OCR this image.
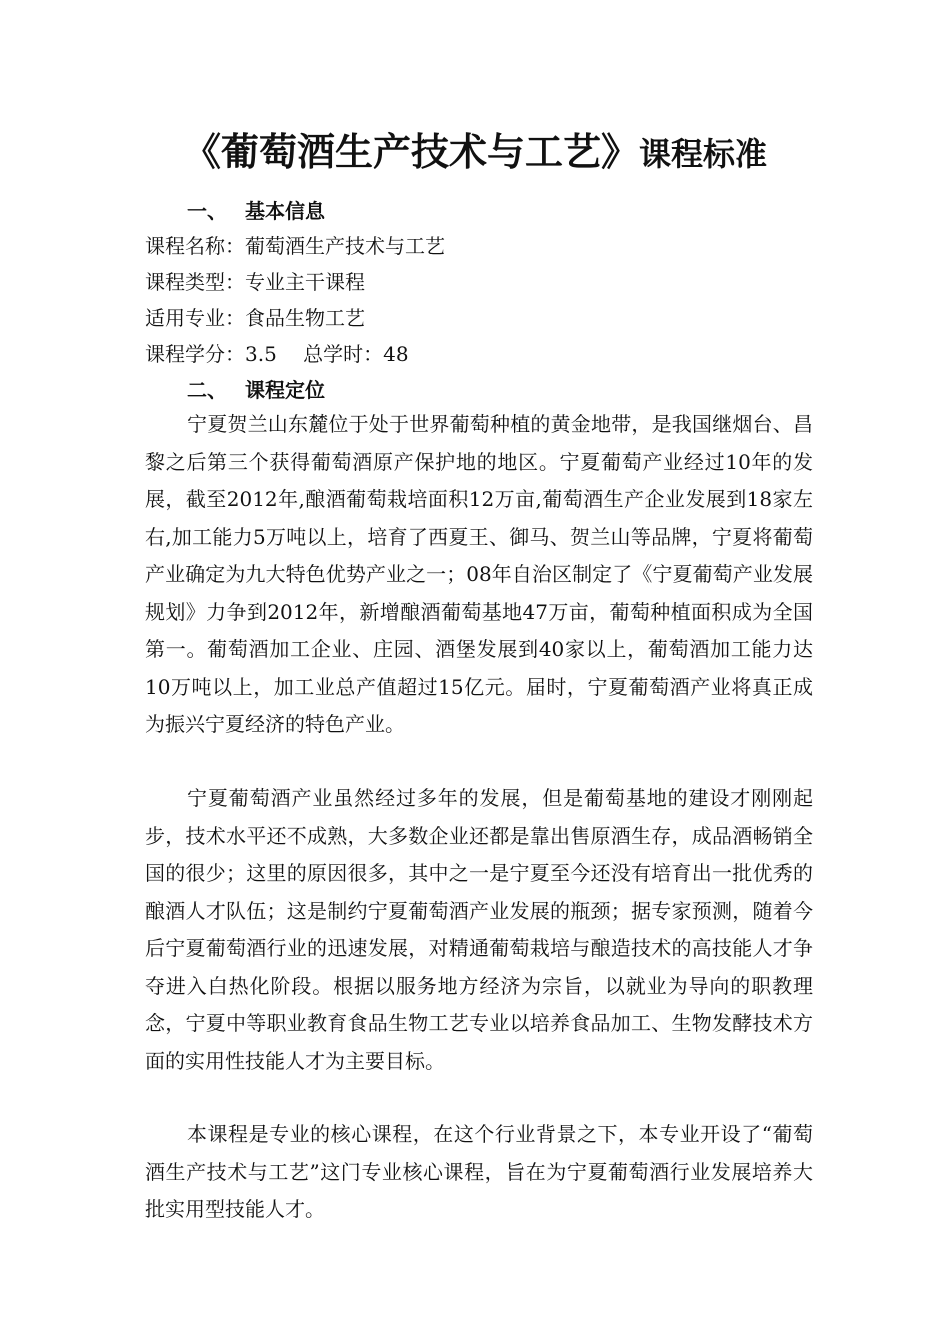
《葡萄酒生产技术与工艺》课程标准
一、 基本信息
课程名称：葡萄酒生产技术与工艺
课程类型：专业主干课程
适用专业：食品生物工艺
课程学分：3.5　 总学时：48
二、 课程定位

宁夏贺兰山东麓位于处于世界葡萄种植的黄金地带，是我国继烟台、昌黎之后第三个获得葡萄酒原产保护地的地区。宁夏葡萄产业经过10年的发展，截至2012年,酿酒葡萄栽培面积12万亩,葡萄酒生产企业发展到18家左右,加工能力5万吨以上，培育了西夏王、御马、贺兰山等品牌，宁夏将葡萄产业确定为九大特色优势产业之一；08年自治区制定了《宁夏葡萄产业发展规划》力争到2012年，新增酿酒葡萄基地47万亩，葡萄种植面积成为全国第一。葡萄酒加工企业、庄园、酒堡发展到40家以上，葡萄酒加工能力达10万吨以上，加工业总产值超过15亿元。届时，宁夏葡萄酒产业将真正成为振兴宁夏经济的特色产业。

宁夏葡萄酒产业虽然经过多年的发展，但是葡萄基地的建设才刚刚起步，技术水平还不成熟，大多数企业还都是靠出售原酒生存，成品酒畅销全国的很少；这里的原因很多，其中之一是宁夏至今还没有培育出一批优秀的酿酒人才队伍；这是制约宁夏葡萄酒产业发展的瓶颈；据专家预测，随着今后宁夏葡萄酒行业的迅速发展，对精通葡萄栽培与酿造技术的高技能人才争夺进入白热化阶段。根据以服务地方经济为宗旨，以就业为导向的职教理念，宁夏中等职业教育食品生物工艺专业以培养食品加工、生物发酵技术方面的实用性技能人才为主要目标。

本课程是专业的核心课程，在这个行业背景之下，本专业开设了“葡萄酒生产技术与工艺”这门专业核心课程，旨在为宁夏葡萄酒行业发展培养大批实用型技能人才。
